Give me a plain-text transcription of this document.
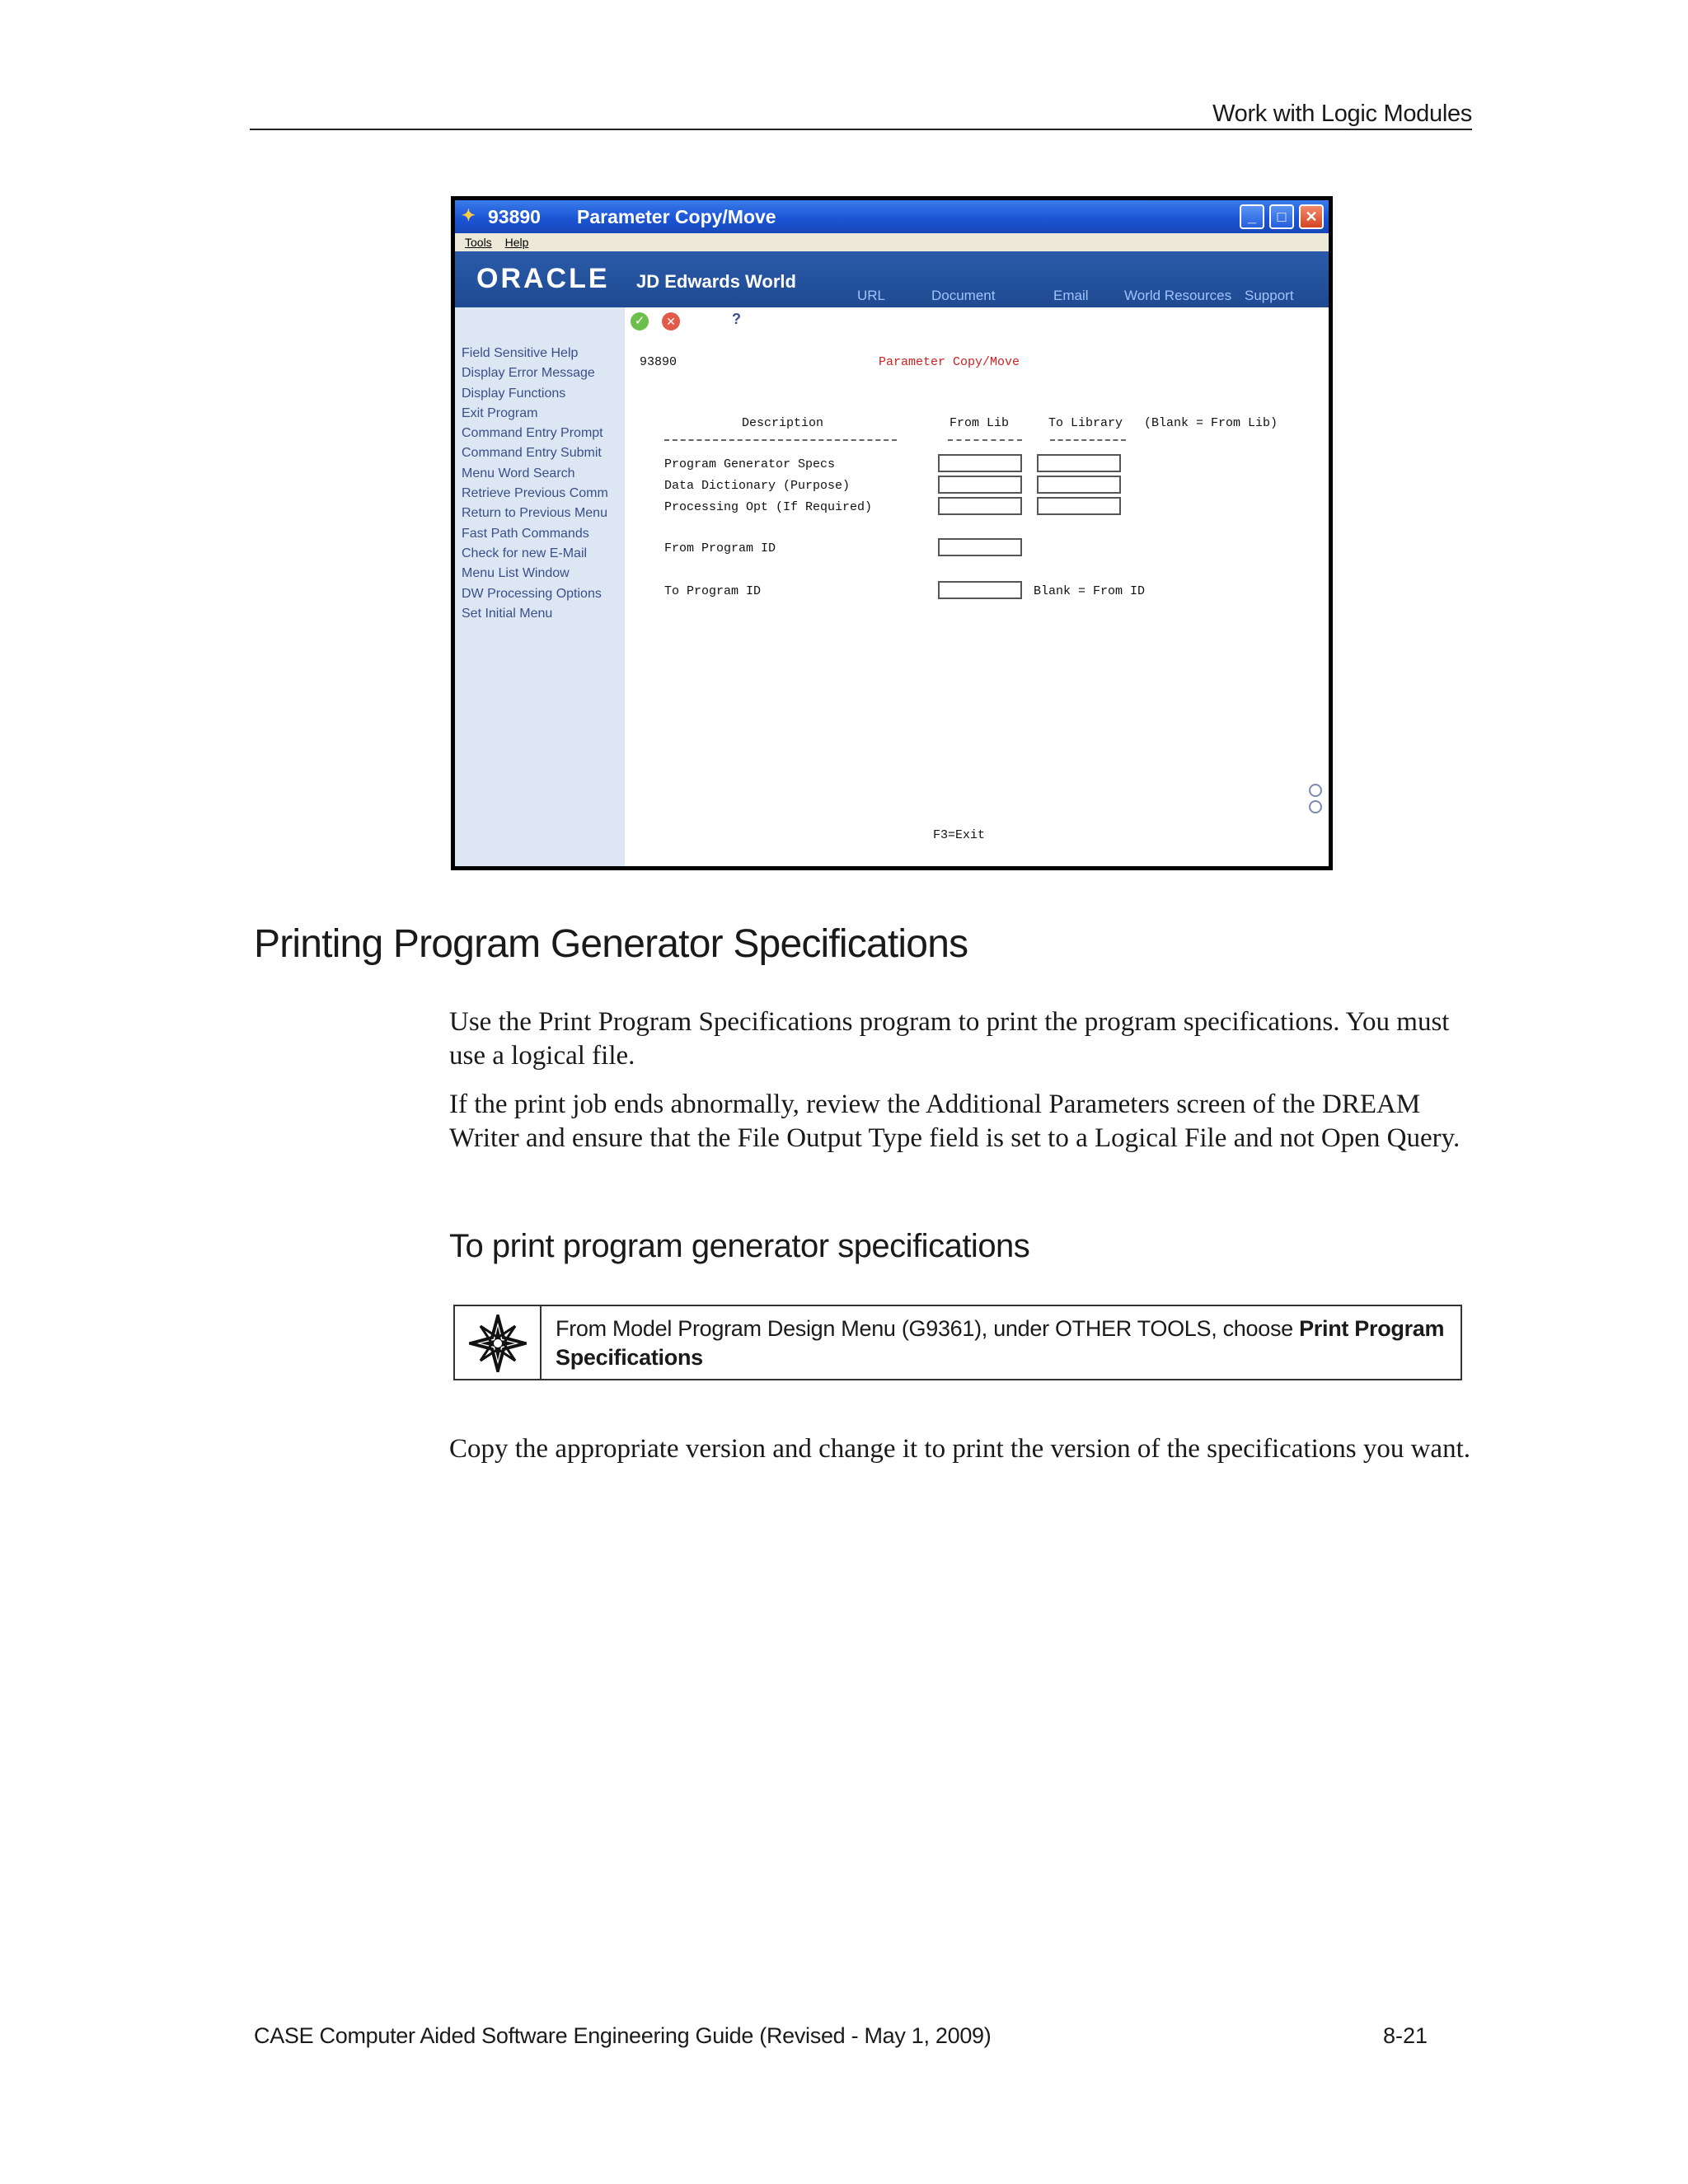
Work with Logic Modules
✦ 93890 Parameter Copy/Move	_	□	✕
Tools Help
ORACLE JD Edwards World
URL	Document	Email	World Resources Support
✓	✕	?
Field Sensitive Help
Display Error Message
Display Functions
Exit Program
Command Entry Prompt
Command Entry Submit
Menu Word Search
Retrieve Previous Comm
Return to Previous Menu
Fast Path Commands
Check for new E-Mail
Menu List Window
DW Processing Options
Set Initial Menu
93890	Parameter Copy/Move
Description	From Lib	To Library (Blank = From Lib)
Program Generator Specs
Data Dictionary (Purpose)
Processing Opt (If Required)
From Program ID
To Program ID	Blank = From ID
F3=Exit
Printing Program Generator Specifications
Use the Print Program Specifications program to print the program specifications. You must use a logical file.
If the print job ends abnormally, review the Additional Parameters screen of the DREAM Writer and ensure that the File Output Type field is set to a Logical File and not Open Query.
To print program generator specifications
From Model Program Design Menu (G9361), under OTHER TOOLS, choose Print Program Specifications
Copy the appropriate version and change it to print the version of the specifications you want.
CASE Computer Aided Software Engineering Guide (Revised - May 1, 2009)	8-21
